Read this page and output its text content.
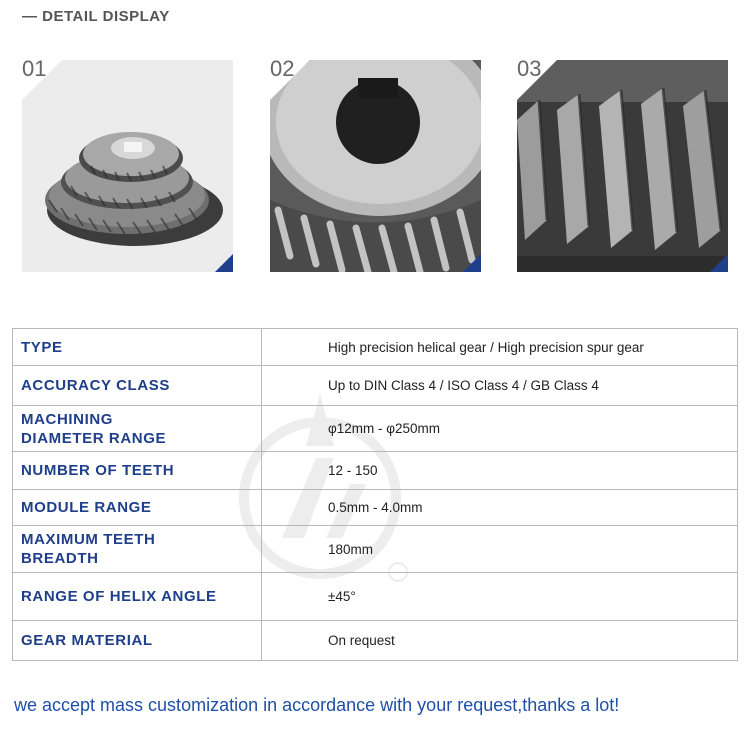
— DETAIL DISPLAY
01	02	03
TYPE	High precision helical gear / High precision spur gear
ACCURACY CLASS	Up to DIN Class 4 / ISO Class 4 / GB Class 4

MACHINING
DIAMETER RANGE	φ12mm - φ250mm
NUMBER OF TEETH	12 - 150
MODULE RANGE	0.5mm - 4.0mm

MAXIMUM TEETH
BREADTH	180mm
RANGE OF HELIX ANGLE	±45°
GEAR MATERIAL	On request
we accept mass customization in accordance with your request,thanks a lot!
